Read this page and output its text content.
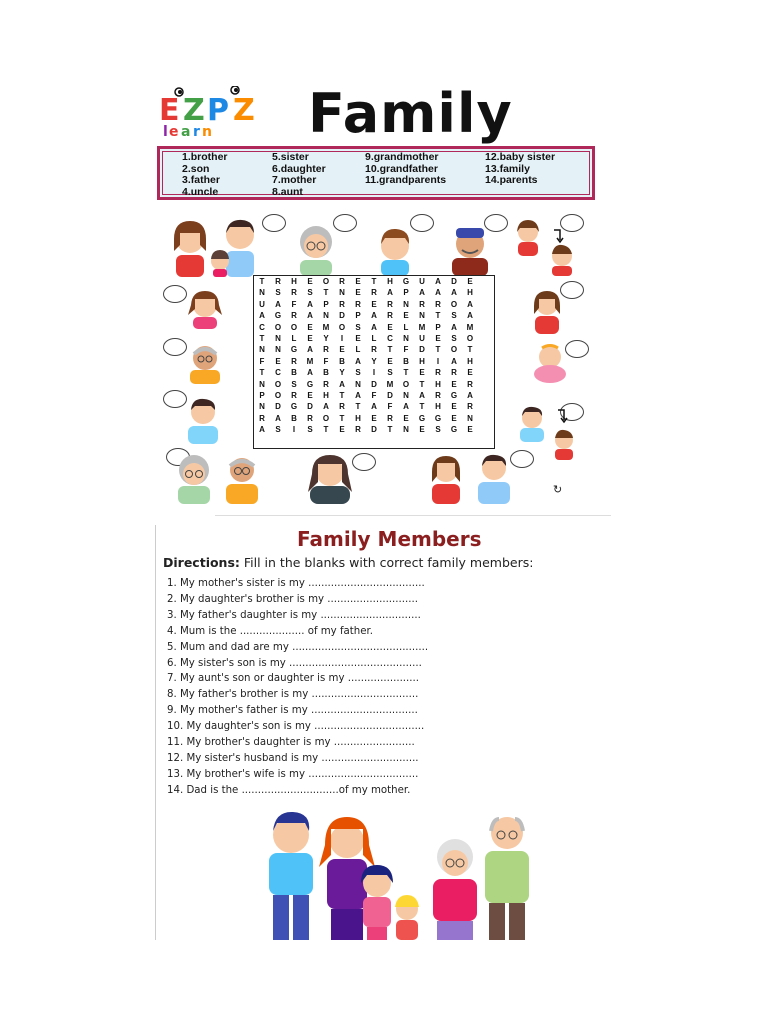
E Z P Z
l e a r n Family
1.brother
2.son
3.father
4.uncle
5.sister
6.daughter
7.mother
8.aunt
9.grandmother
10.grandfather
11.grandparents
12.baby sister
13.family
14.parents
↻
T	R	H	E	O	R	E	T	H	G	U	A	D	E
N	S	R	S	T	N	E	R	A	P	A	A	A	H
U	A	F	A	P	R	R	E	R	N	R	R	O	A
A	G	R	A	N	D	P	A	R	E	N	T	S	A
C	O	O	E	M	O	S	A	E	L	M	P	A	M
T	N	L	E	Y	I	E	L	C	N	U	E	S	O
N	N	G	A	R	E	L	R	T	F	D	T	O	T
F	E	R	M	F	B	A	Y	E	B	H	I	A	H
T	C	B	A	B	Y	S	I	S	T	E	R	R	E
N	O	S	G	R	A	N	D	M	O	T	H	E	R
P	O	R	E	H	T	A	F	D	N	A	R	G	A
N	D	G	D	A	R	T	A	F	A	T	H	E	R
R	A	B	R	O	T	H	E	R	E	G	G	E	N
A	S	I	S	T	E	R	D	T	N	E	S	G	E
Family Members
Directions: Fill in the blanks with correct family members:
1. My mother's sister is my ....................................
2. My daughter's brother is my ............................
3. My father's daughter is my ...............................
4. Mum is the .................... of my father.
5. Mum and dad are my ..........................................
6. My sister's son is my .........................................
7. My aunt's son or daughter is my ......................
8. My father's brother is my .................................
9. My mother's father is my .................................
10. My daughter's son is my ..................................
11. My brother's daughter is my .........................
12. My sister's husband is my ..............................
13. My brother's wife is my ..................................
14. Dad is the ..............................of my mother.
